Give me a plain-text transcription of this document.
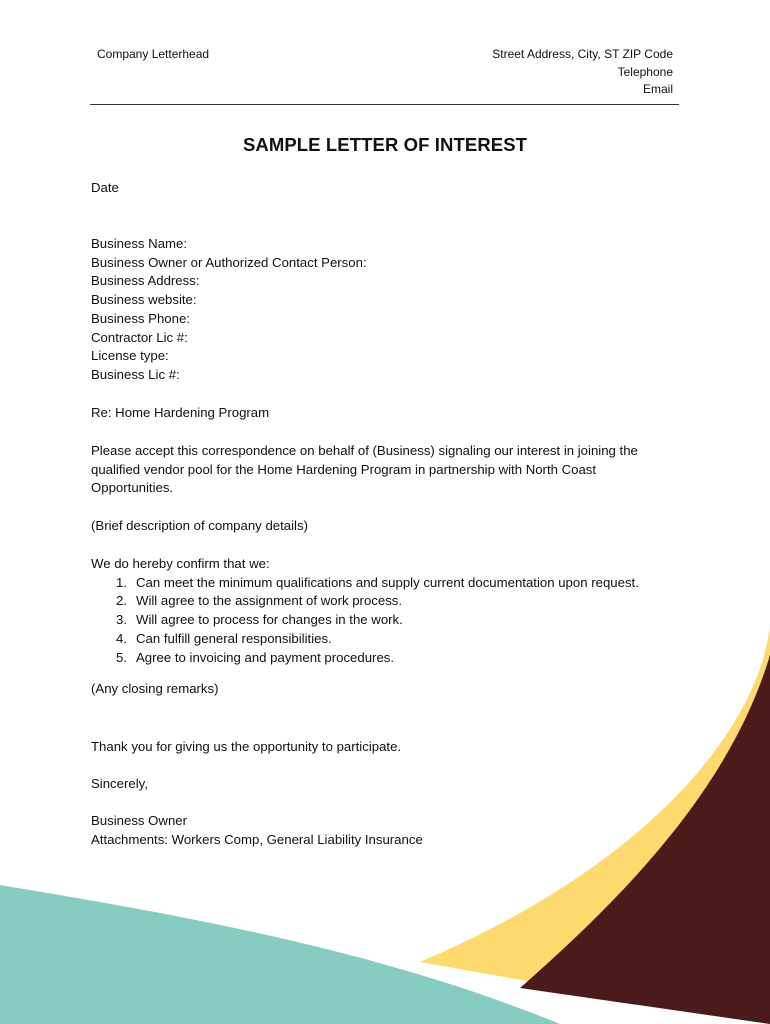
Company Letterhead	Street Address, City, ST ZIP Code
Telephone
Email
SAMPLE LETTER OF INTEREST
Date
Business Name:
Business Owner or Authorized Contact Person:
Business Address:
Business website:
Business Phone:
Contractor Lic #:
License type:
Business Lic #:
Re: Home Hardening Program

Please accept this correspondence on behalf of (Business) signaling our interest in joining the qualified vendor pool for the Home Hardening Program in partnership with North Coast Opportunities.

(Brief description of company details)

We do hereby confirm that we:

1. Can meet the minimum qualifications and supply current documentation upon request.
2. Will agree to the assignment of work process.
3. Will agree to process for changes in the work.
4. Can fulfill general responsibilities.
5. Agree to invoicing and payment procedures.
(Any closing remarks)
Thank you for giving us the opportunity to participate.
Sincerely,

Business Owner

Attachments: Workers Comp, General Liability Insurance
